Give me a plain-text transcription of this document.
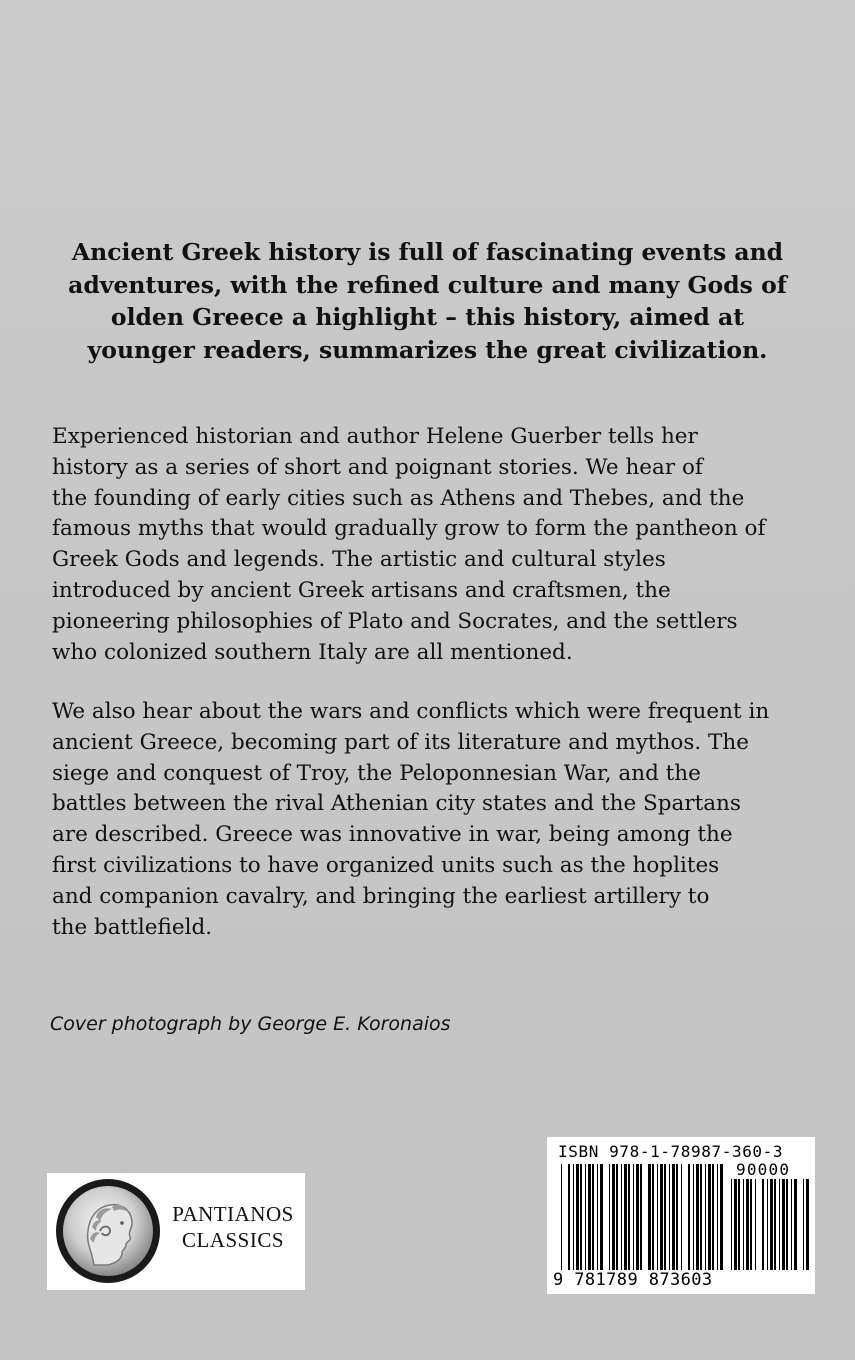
Ancient Greek history is full of fascinating events and adventures, with the refined culture and many Gods of olden Greece a highlight – this history, aimed at younger readers, summarizes the great civilization.
Experienced historian and author Helene Guerber tells her
history as a series of short and poignant stories. We hear of
the founding of early cities such as Athens and Thebes, and the
famous myths that would gradually grow to form the pantheon of
Greek Gods and legends. The artistic and cultural styles
introduced by ancient Greek artisans and craftsmen, the
pioneering philosophies of Plato and Socrates, and the settlers
who colonized southern Italy are all mentioned.
We also hear about the wars and conflicts which were frequent in
ancient Greece, becoming part of its literature and mythos. The
siege and conquest of Troy, the Peloponnesian War, and the
battles between the rival Athenian city states and the Spartans
are described. Greece was innovative in war, being among the
first civilizations to have organized units such as the hoplites
and companion cavalry, and bringing the earliest artillery to
the battlefield.
Cover photograph by George E. Koronaios
PANTIANOS
CLASSICS
ISBN 978-1-78987-360-3
90000
9 781789 873603
